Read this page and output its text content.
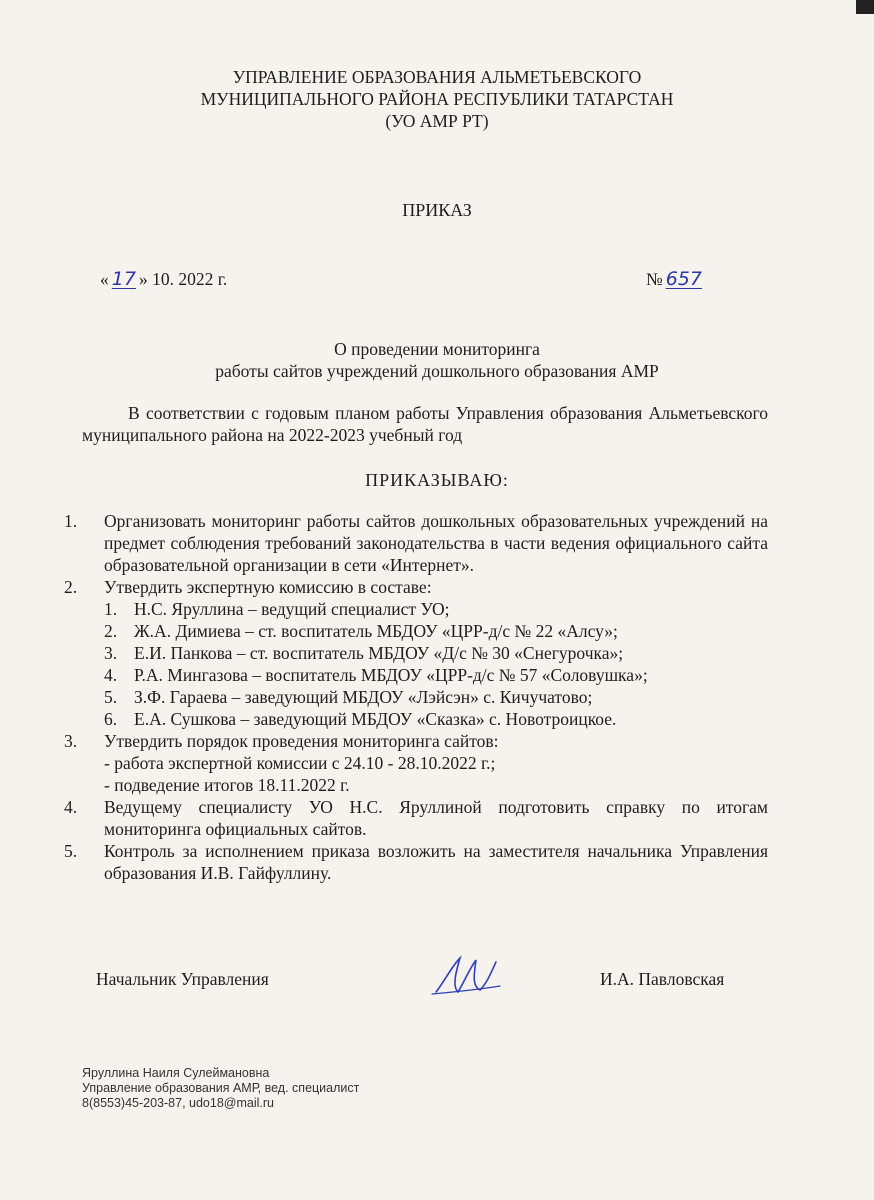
УПРАВЛЕНИЕ ОБРАЗОВАНИЯ АЛЬМЕТЬЕВСКОГО
МУНИЦИПАЛЬНОГО РАЙОНА РЕСПУБЛИКИ ТАТАРСТАН
(УО АМР РТ)
ПРИКАЗ
« 17 » 10. 2022 г.	№ 657
О проведении мониторинга
работы сайтов учреждений дошкольного образования АМР
В соответствии с годовым планом работы Управления образования Альметьевского муниципального района на 2022-2023 учебный год
ПРИКАЗЫВАЮ:
1.	Организовать мониторинг работы сайтов дошкольных образовательных учреждений на предмет соблюдения требований законодательства в части ведения официального сайта образовательной организации в сети «Интернет».
2.	Утвердить экспертную комиссию в составе:
1. Н.С. Яруллина – ведущий специалист УО;
2. Ж.А. Димиева – ст. воспитатель МБДОУ «ЦРР-д/с № 22 «Алсу»;
3. Е.И. Панкова – ст. воспитатель МБДОУ «Д/с № 30 «Снегурочка»;
4. Р.А. Мингазова – воспитатель МБДОУ «ЦРР-д/с № 57 «Соловушка»;
5. З.Ф. Гараева – заведующий МБДОУ «Лэйсэн» с. Кичучатово;
6. Е.А. Сушкова – заведующий МБДОУ «Сказка» с. Новотроицкое.
3.	Утвердить порядок проведения мониторинга сайтов:
- работа экспертной комиссии с 24.10 - 28.10.2022 г.;
- подведение итогов 18.11.2022 г.
4.	Ведущему специалисту УО Н.С. Яруллиной подготовить справку по итогам мониторинга официальных сайтов.
5.	Контроль за исполнением приказа возложить на заместителя начальника Управления образования И.В. Гайфуллину.
Начальник Управления	И.А. Павловская
Яруллина Наиля Сулеймановна
Управление образования АМР, вед. специалист
8(8553)45-203-87, udo18@mail.ru
